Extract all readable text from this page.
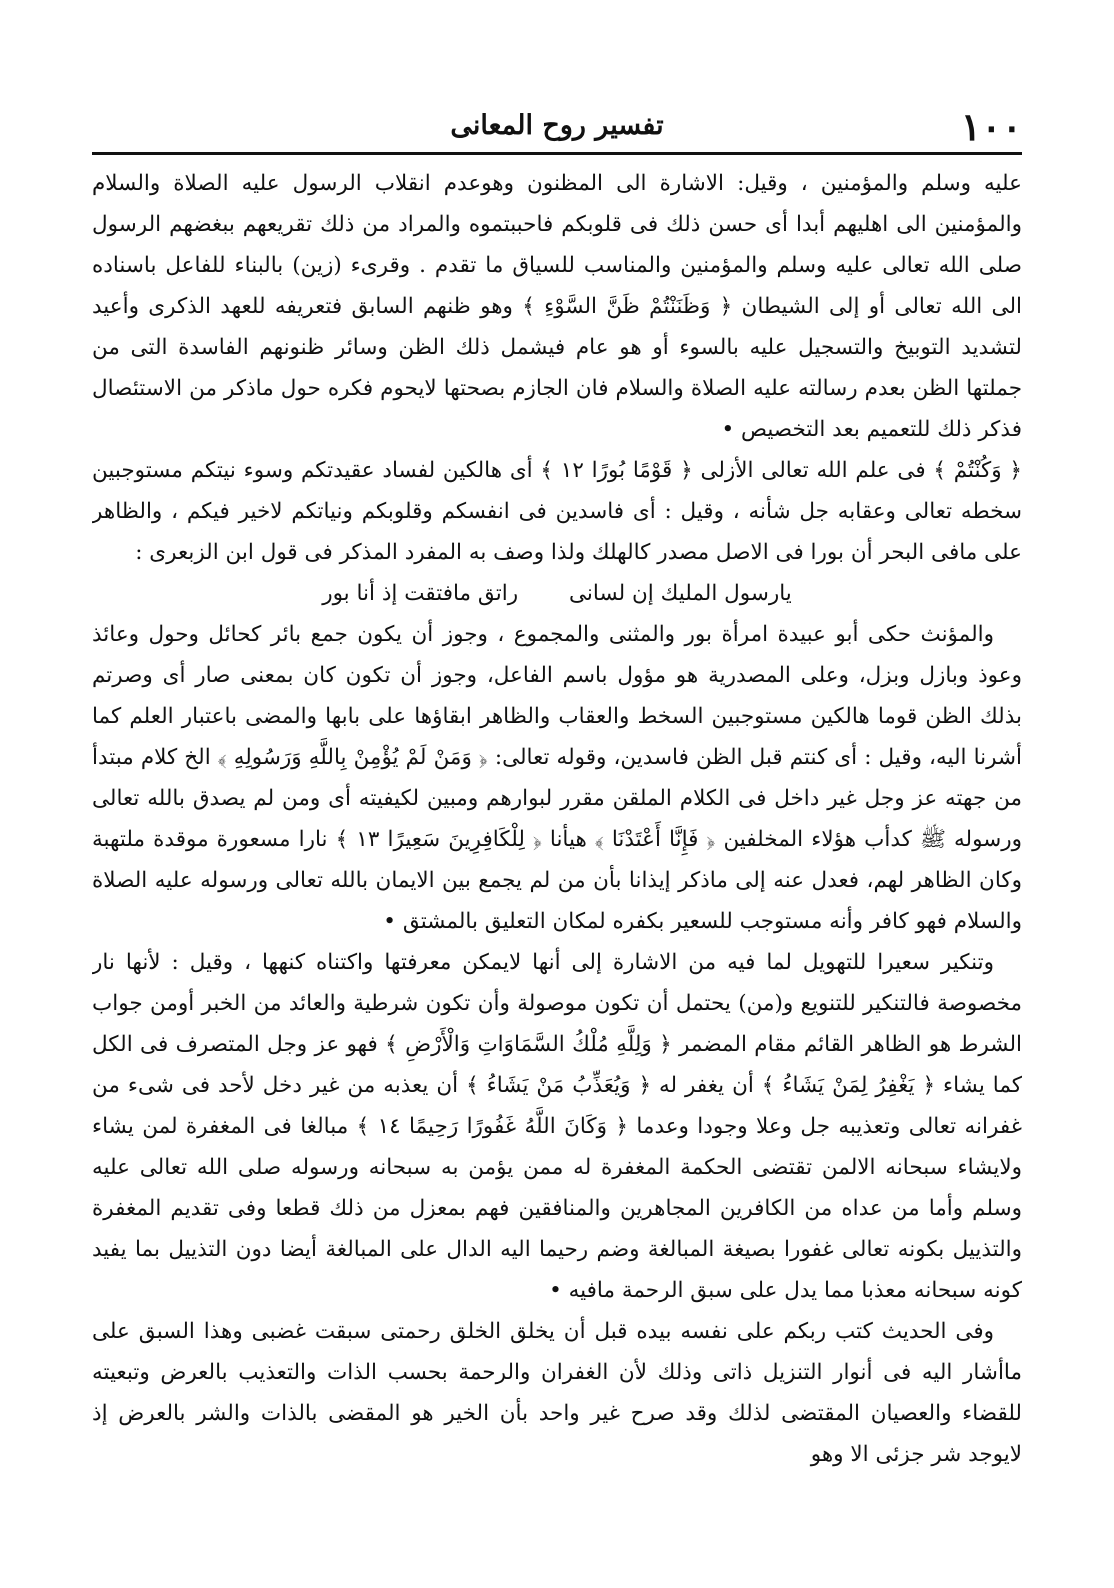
١٠٠
تفسير روح المعانى

عليه وسلم والمؤمنين ، وقيل: الاشارة الى المظنون وهوعدم انقلاب الرسول عليه الصلاة والسلام والمؤمنين الى اهليهم أبدا أى حسن ذلك فى قلوبكم فاحببتموه والمراد من ذلك تقريعهم ببغضهم الرسول صلى الله تعالى عليه وسلم والمؤمنين والمناسب للسياق ما تقدم . وقرىء (زين) بالبناء للفاعل باسناده الى الله تعالى أو إلى الشيطان ﴿ وَظَنَنْتُمْ ظَنَّ السَّوْءِ ﴾ وهو ظنهم السابق فتعريفه للعهد الذكرى وأعيد لتشديد التوبيخ والتسجيل عليه بالسوء أو هو عام فيشمل ذلك الظن وسائر ظنونهم الفاسدة التى من جملتها الظن بعدم رسالته عليه الصلاة والسلام فان الجازم بصحتها لايحوم فكره حول ماذكر من الاستئصال فذكر ذلك للتعميم بعد التخصيص •

﴿ وَكُنْتُمْ ﴾ فى علم الله تعالى الأزلى ﴿ قَوْمًا بُورًا ١٢ ﴾ أى هالكين لفساد عقيدتكم وسوء نيتكم مستوجبين سخطه تعالى وعقابه جل شأنه ، وقيل : أى فاسدين فى انفسكم وقلوبكم ونياتكم لاخير فيكم ، والظاهر على مافى البحر أن بورا فى الاصل مصدر كالهلك ولذا وصف به المفرد المذكر فى قول ابن الزبعرى :

يارسول المليك إن لسانى راتق مافتقت إذ أنا بور

والمؤنث حكى أبو عبيدة امرأة بور والمثنى والمجموع ، وجوز أن يكون جمع بائر كحائل وحول وعائذ وعوذ وبازل وبزل، وعلى المصدرية هو مؤول باسم الفاعل، وجوز أن تكون كان بمعنى صار أى وصرتم بذلك الظن قوما هالكين مستوجبين السخط والعقاب والظاهر ابقاؤها على بابها والمضى باعتبار العلم كما أشرنا اليه، وقيل : أى كنتم قبل الظن فاسدين، وقوله تعالى: ﴿ وَمَنْ لَمْ يُؤْمِنْ بِاللَّهِ وَرَسُولِهِ ﴾ الخ كلام مبتدأ من جهته عز وجل غير داخل فى الكلام الملقن مقرر لبوارهم ومبين لكيفيته أى ومن لم يصدق بالله تعالى ورسوله ﷺ كدأب هؤلاء المخلفين ﴿ فَإِنَّا أَعْتَدْنَا ﴾ هيأنا ﴿ لِلْكَافِرِينَ سَعِيرًا ١٣ ﴾ نارا مسعورة موقدة ملتهبة وكان الظاهر لهم، فعدل عنه إلى ماذكر إيذانا بأن من لم يجمع بين الايمان بالله تعالى ورسوله عليه الصلاة والسلام فهو كافر وأنه مستوجب للسعير بكفره لمكان التعليق بالمشتق •

وتنكير سعيرا للتهويل لما فيه من الاشارة إلى أنها لايمكن معرفتها واكتناه كنهها ، وقيل : لأنها نار مخصوصة فالتنكير للتنويع و(من) يحتمل أن تكون موصولة وأن تكون شرطية والعائد من الخبر أومن جواب الشرط هو الظاهر القائم مقام المضمر ﴿ وَلِلَّهِ مُلْكُ السَّمَاوَاتِ وَالْأَرْضِ ﴾ فهو عز وجل المتصرف فى الكل كما يشاء ﴿ يَغْفِرُ لِمَنْ يَشَاءُ ﴾ أن يغفر له ﴿ وَيُعَذِّبُ مَنْ يَشَاءُ ﴾ أن يعذبه من غير دخل لأحد فى شىء من غفرانه تعالى وتعذيبه جل وعلا وجودا وعدما ﴿ وَكَانَ اللَّهُ غَفُورًا رَحِيمًا ١٤ ﴾ مبالغا فى المغفرة لمن يشاء ولايشاء سبحانه الالمن تقتضى الحكمة المغفرة له ممن يؤمن به سبحانه ورسوله صلى الله تعالى عليه وسلم وأما من عداه من الكافرين المجاهرين والمنافقين فهم بمعزل من ذلك قطعا وفى تقديم المغفرة والتذييل بكونه تعالى غفورا بصيغة المبالغة وضم رحيما اليه الدال على المبالغة أيضا دون التذييل بما يفيد كونه سبحانه معذبا مما يدل على سبق الرحمة مافيه •

وفى الحديث كتب ربكم على نفسه بيده قبل أن يخلق الخلق رحمتى سبقت غضبى وهذا السبق على ماأشار اليه فى أنوار التنزيل ذاتى وذلك لأن الغفران والرحمة بحسب الذات والتعذيب بالعرض وتبعيته للقضاء والعصيان المقتضى لذلك وقد صرح غير واحد بأن الخير هو المقضى بالذات والشر بالعرض إذ لايوجد شر جزئى الا وهو
